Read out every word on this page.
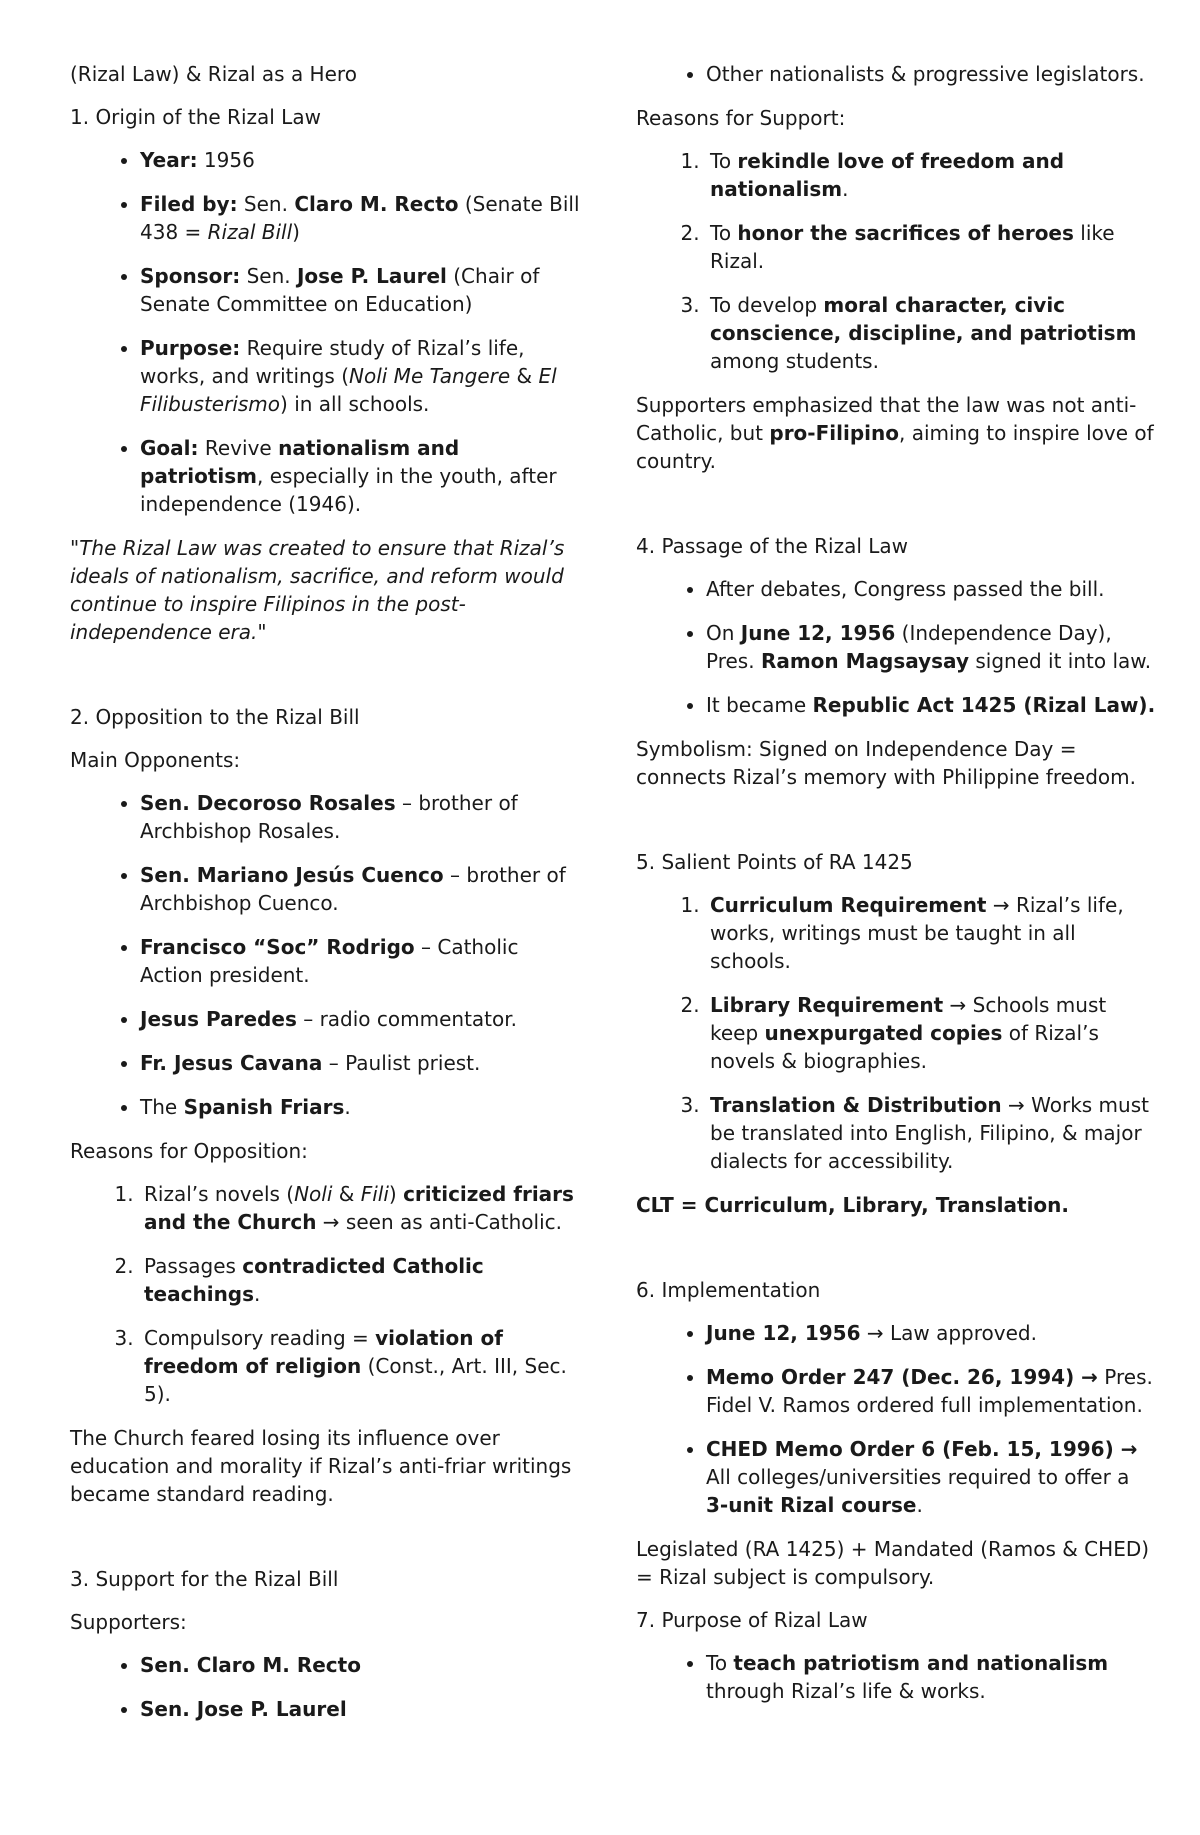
(Rizal Law) & Rizal as a Hero

1. Origin of the Rizal Law

• Year: 1956
• Filed by: Sen. Claro M. Recto (Senate Bill 438 = Rizal Bill)
• Sponsor: Sen. Jose P. Laurel (Chair of Senate Committee on Education)
• Purpose: Require study of Rizal’s life, works, and writings (Noli Me Tangere & El Filibusterismo) in all schools.
• Goal: Revive nationalism and patriotism, especially in the youth, after independence (1946).

"The Rizal Law was created to ensure that Rizal’s ideals of nationalism, sacrifice, and reform would continue to inspire Filipinos in the post-independence era."

2. Opposition to the Rizal Bill

Main Opponents:

• Sen. Decoroso Rosales – brother of Archbishop Rosales.
• Sen. Mariano Jesús Cuenco – brother of Archbishop Cuenco.
• Francisco “Soc” Rodrigo – Catholic Action president.
• Jesus Paredes – radio commentator.
• Fr. Jesus Cavana – Paulist priest.
• The Spanish Friars.

Reasons for Opposition:

1. Rizal’s novels (Noli & Fili) criticized friars and the Church → seen as anti-Catholic.
2. Passages contradicted Catholic teachings.
3. Compulsory reading = violation of freedom of religion (Const., Art. III, Sec. 5).

The Church feared losing its influence over education and morality if Rizal’s anti-friar writings became standard reading.

3. Support for the Rizal Bill

Supporters:

• Sen. Claro M. Recto
• Sen. Jose P. Laurel
• Other nationalists & progressive legislators.

Reasons for Support:

1. To rekindle love of freedom and nationalism.
2. To honor the sacrifices of heroes like Rizal.
3. To develop moral character, civic conscience, discipline, and patriotism among students.

Supporters emphasized that the law was not anti-Catholic, but pro-Filipino, aiming to inspire love of country.

4. Passage of the Rizal Law

• After debates, Congress passed the bill.
• On June 12, 1956 (Independence Day), Pres. Ramon Magsaysay signed it into law.
• It became Republic Act 1425 (Rizal Law).

Symbolism: Signed on Independence Day = connects Rizal’s memory with Philippine freedom.

5. Salient Points of RA 1425

1. Curriculum Requirement → Rizal’s life, works, writings must be taught in all schools.
2. Library Requirement → Schools must keep unexpurgated copies of Rizal’s novels & biographies.
3. Translation & Distribution → Works must be translated into English, Filipino, & major dialects for accessibility.

CLT = Curriculum, Library, Translation.

6. Implementation

• June 12, 1956 → Law approved.
• Memo Order 247 (Dec. 26, 1994) → Pres. Fidel V. Ramos ordered full implementation.
• CHED Memo Order 6 (Feb. 15, 1996) → All colleges/universities required to offer a 3-unit Rizal course.

Legislated (RA 1425) + Mandated (Ramos & CHED) = Rizal subject is compulsory.

7. Purpose of Rizal Law

• To teach patriotism and nationalism through Rizal’s life & works.
